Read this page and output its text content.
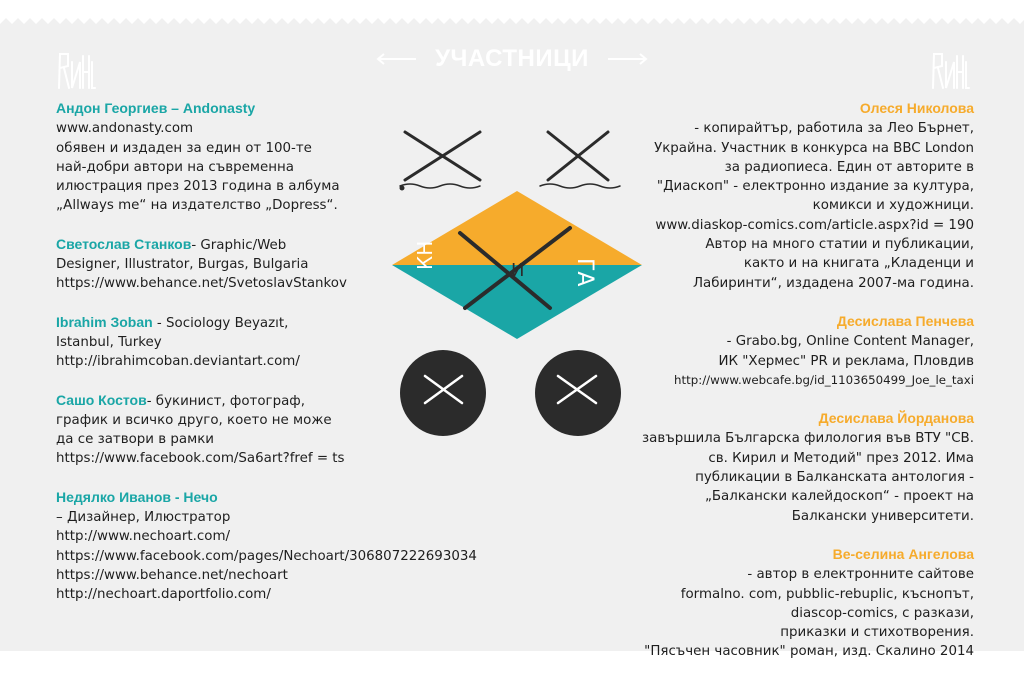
УЧАСТНИЦИ
Андон Георгиев – Andonasty
www.andonasty.com
обявен и издаден за един от 100-те
най-добри автори на съвременна
илюстрация през 2013 година в албума
„Allways me“ на издателство „Dopress“.
Светослав Станков- Graphic/Web
Designer, Illustrator, Burgas, Bulgaria
https://www.behance.net/SvetoslavStankov
Ibrahim Зoban - Sociology Beyazıt,
Istanbul, Turkey
http://ibrahimcoban.deviantart.com/
Сашо Костов- букинист, фотограф,
график и всичко друго, което не може
да се затвори в рамки
https://www.facebook.com/Sa6art?fref = ts
Недялко Иванов - Нечо
– Дизайнер, Илюстратор
http://www.nechoart.com/
https://www.facebook.com/pages/Nechoart/306807222693034
https://www.behance.net/nechoart
http://nechoart.daportfolio.com/
КН
И ГА
Олеся Николова
- копирайтър, работила за Лео Бърнет,
Украйна. Участник в конкурса на BBC London
за радиопиеса. Един от авторите в
"Диаскоп" - електронно издание за култура,
комикси и художници.
www.diaskop-comics.com/article.aspx?id = 190
Автор на много статии и публикации,
както и на книгата „Кладенци и
Лабиринти“, издадена 2007-ма година.
Десислава Пенчева
- Grabo.bg, Online Content Manager,
ИК "Хермес" PR и реклама, Пловдив
http://www.webcafe.bg/id_1103650499_Joe_le_taxi
Десислава Йорданова
завършила Българска филология във ВТУ "СВ.
св. Кирил и Методий" през 2012. Има
публикации в Балканската антология -
„Балкански калейдоскоп“ - проект на
Балкански университети.
Ве-селина Ангелова
- автор в електронните сайтове
formalno. com, pubblic-rebuplic, къснопът,
diascop-comics, с разкази,
приказки и стихотворения.
"Пясъчен часовник" роман, изд. Скалино 2014
